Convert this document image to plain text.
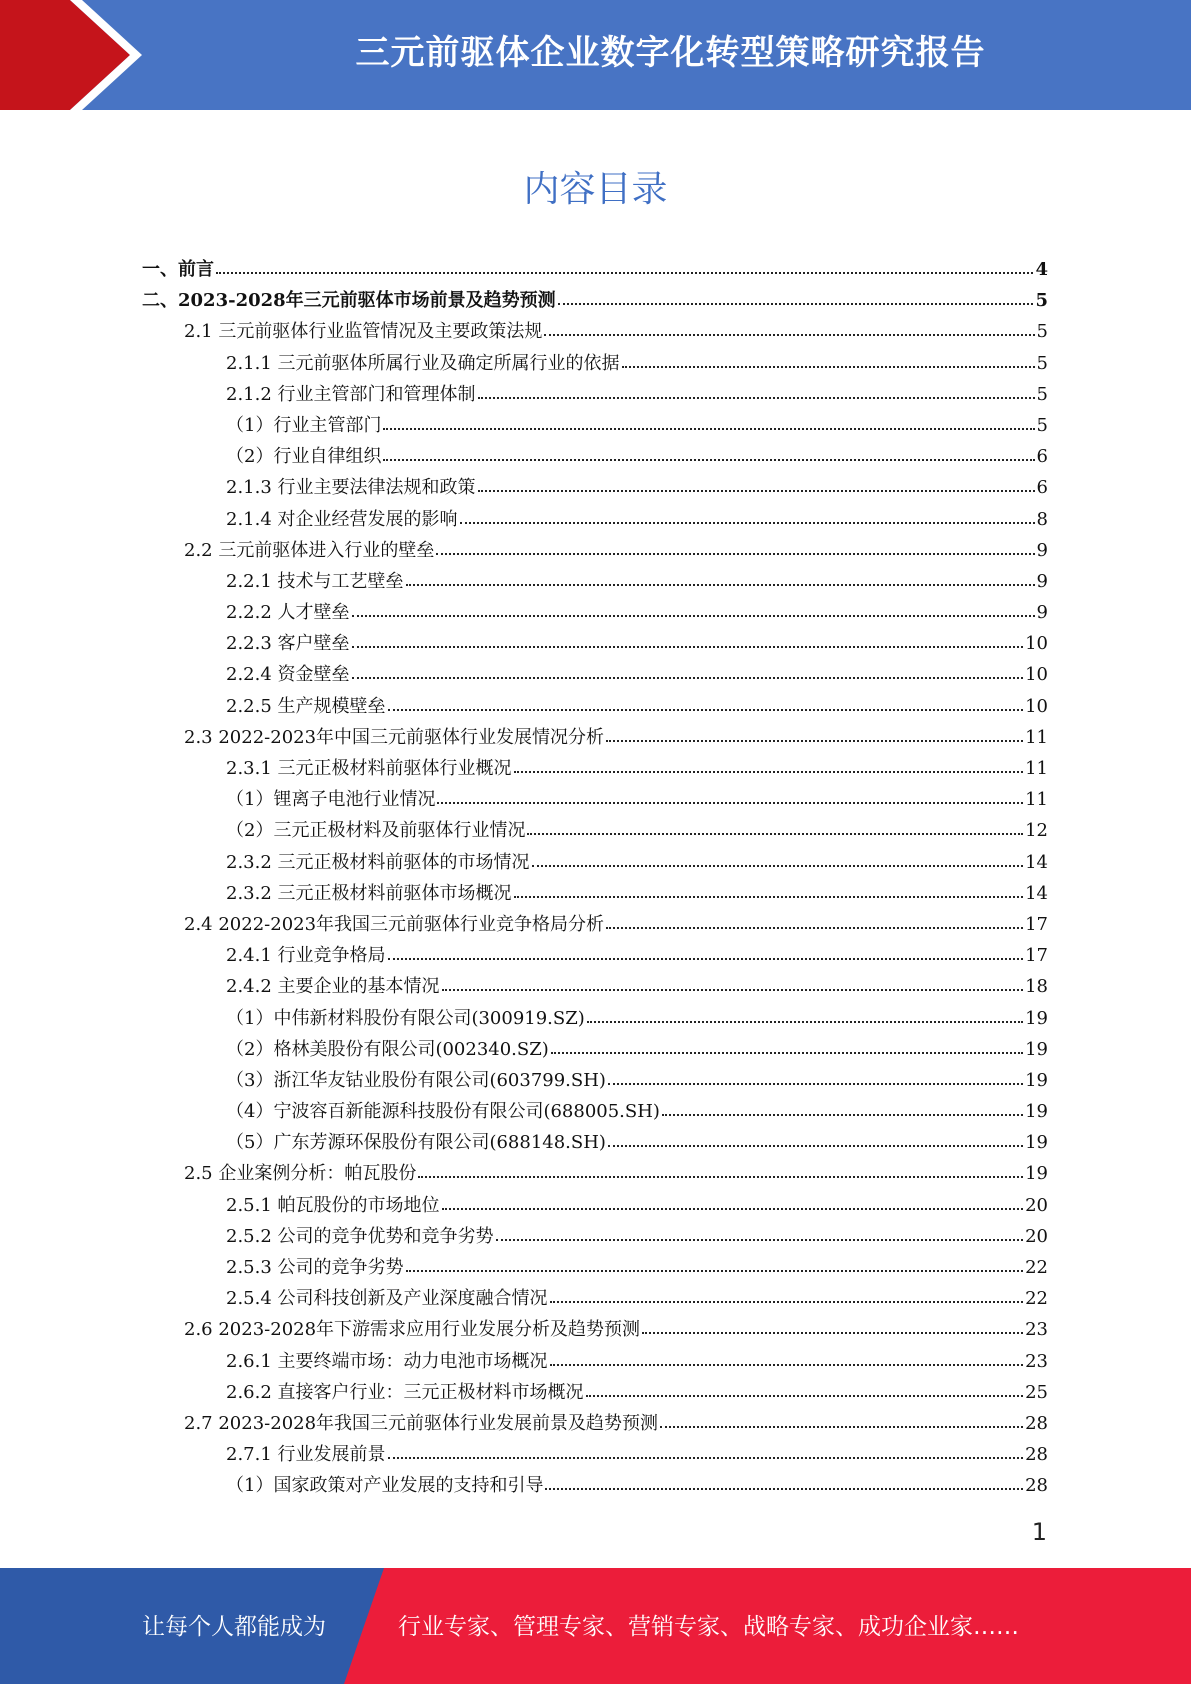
三元前驱体企业数字化转型策略研究报告
内容目录
一、前言	4
二、2023-2028年三元前驱体市场前景及趋势预测	5
2.1 三元前驱体行业监管情况及主要政策法规	5
2.1.1 三元前驱体所属行业及确定所属行业的依据	5
2.1.2 行业主管部门和管理体制	5
（1）行业主管部门	5
（2）行业自律组织	6
2.1.3 行业主要法律法规和政策	6
2.1.4 对企业经营发展的影响	8
2.2 三元前驱体进入行业的壁垒	9
2.2.1 技术与工艺壁垒	9
2.2.2 人才壁垒	9
2.2.3 客户壁垒	10
2.2.4 资金壁垒	10
2.2.5 生产规模壁垒	10
2.3 2022-2023年中国三元前驱体行业发展情况分析	11
2.3.1 三元正极材料前驱体行业概况	11
（1）锂离子电池行业情况	11
（2）三元正极材料及前驱体行业情况	12
2.3.2 三元正极材料前驱体的市场情况	14
2.3.2 三元正极材料前驱体市场概况	14
2.4 2022-2023年我国三元前驱体行业竞争格局分析	17
2.4.1 行业竞争格局	17
2.4.2 主要企业的基本情况	18
（1）中伟新材料股份有限公司(300919.SZ)	19
（2）格林美股份有限公司(002340.SZ)	19
（3）浙江华友钴业股份有限公司(603799.SH)	19
（4）宁波容百新能源科技股份有限公司(688005.SH)	19
（5）广东芳源环保股份有限公司(688148.SH)	19
2.5 企业案例分析：帕瓦股份	19
2.5.1 帕瓦股份的市场地位	20
2.5.2 公司的竞争优势和竞争劣势	20
2.5.3 公司的竞争劣势	22
2.5.4 公司科技创新及产业深度融合情况	22
2.6 2023-2028年下游需求应用行业发展分析及趋势预测	23
2.6.1 主要终端市场：动力电池市场概况	23
2.6.2 直接客户行业：三元正极材料市场概况	25
2.7 2023-2028年我国三元前驱体行业发展前景及趋势预测	28
2.7.1 行业发展前景	28
（1）国家政策对产业发展的支持和引导	28
1
让每个人都能成为	行业专家、管理专家、营销专家、战略专家、成功企业家……
